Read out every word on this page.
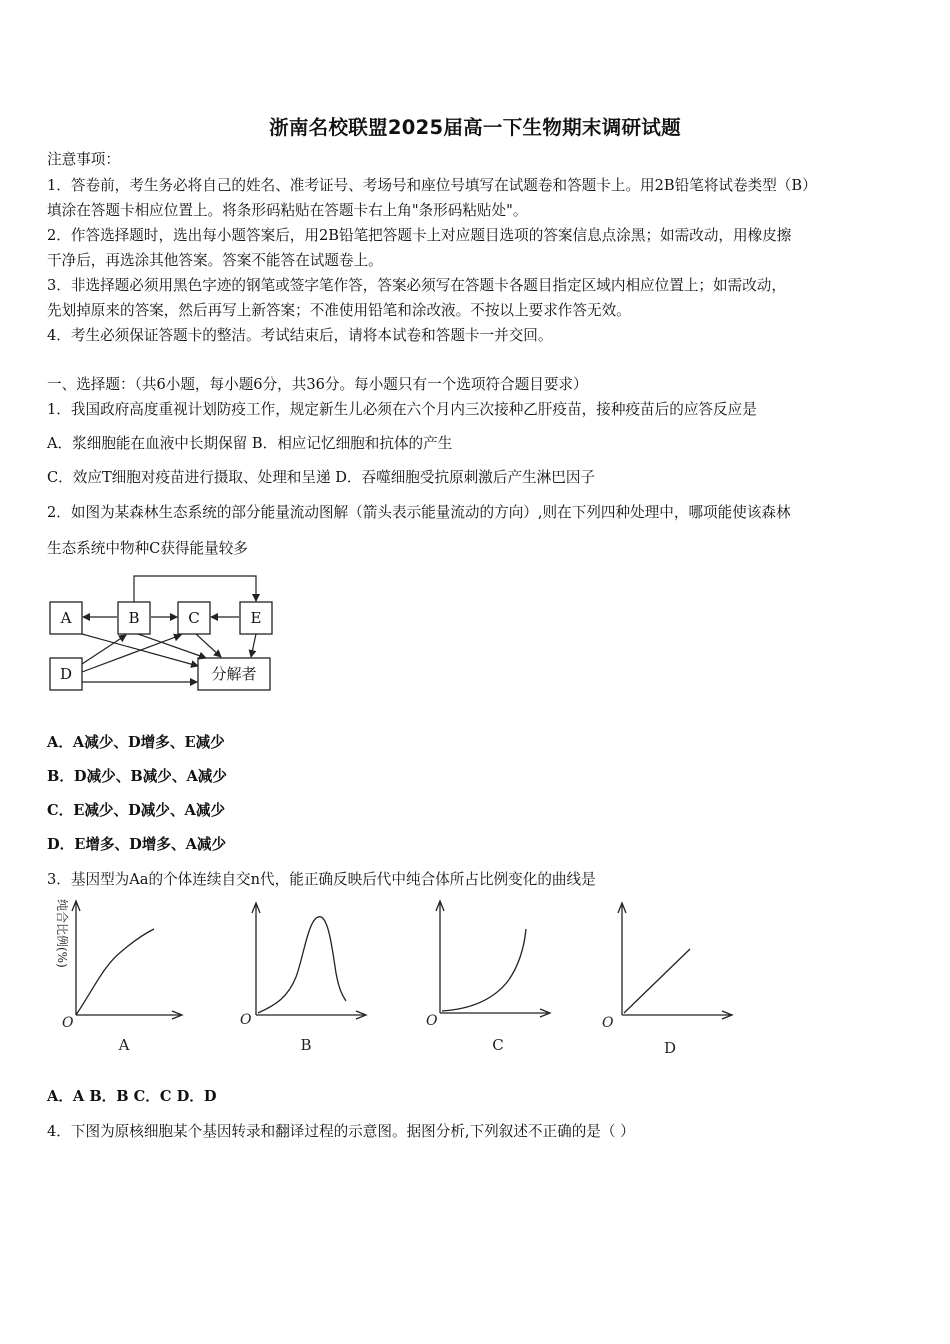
浙南名校联盟2025届高一下生物期末调研试题
注意事项：
1．答卷前，考生务必将自己的姓名、准考证号、考场号和座位号填写在试题卷和答题卡上。用2B铅笔将试卷类型（B）
填涂在答题卡相应位置上。将条形码粘贴在答题卡右上角"条形码粘贴处"。
2．作答选择题时，选出每小题答案后，用2B铅笔把答题卡上对应题目选项的答案信息点涂黑；如需改动，用橡皮擦
干净后，再选涂其他答案。答案不能答在试题卷上。
3．非选择题必须用黑色字迹的钢笔或签字笔作答，答案必须写在答题卡各题目指定区域内相应位置上；如需改动，
先划掉原来的答案，然后再写上新答案；不准使用铅笔和涂改液。不按以上要求作答无效。
4．考生必须保证答题卡的整洁。考试结束后，请将本试卷和答题卡一并交回。
一、选择题：（共6小题，每小题6分，共36分。每小题只有一个选项符合题目要求）
1．我国政府高度重视计划防疫工作，规定新生儿必须在六个月内三次接种乙肝疫苗，接种疫苗后的应答反应是
A．浆细胞能在血液中长期保留 B．相应记忆细胞和抗体的产生
C．效应T细胞对疫苗进行摄取、处理和呈递 D．吞噬细胞受抗原刺激后产生淋巴因子
2．如图为某森林生态系统的部分能量流动图解（箭头表示能量流动的方向）,则在下列四种处理中，哪项能使该森林
生态系统中物种C获得能量较多
A	B	C	E
D	分解者
A．A减少、D增多、E减少
B．D减少、B减少、A减少
C．E减少、D减少、A减少
D．E增多、D增多、A减少
3．基因型为Aa的个体连续自交n代，能正确反映后代中纯合体所占比例变化的曲线是
纯合比例(%)
O
A
O
B
O
C
O
D
A．A B．B C．C D．D
4．下图为原核细胞某个基因转录和翻译过程的示意图。据图分析,下列叙述不正确的是（ ）
